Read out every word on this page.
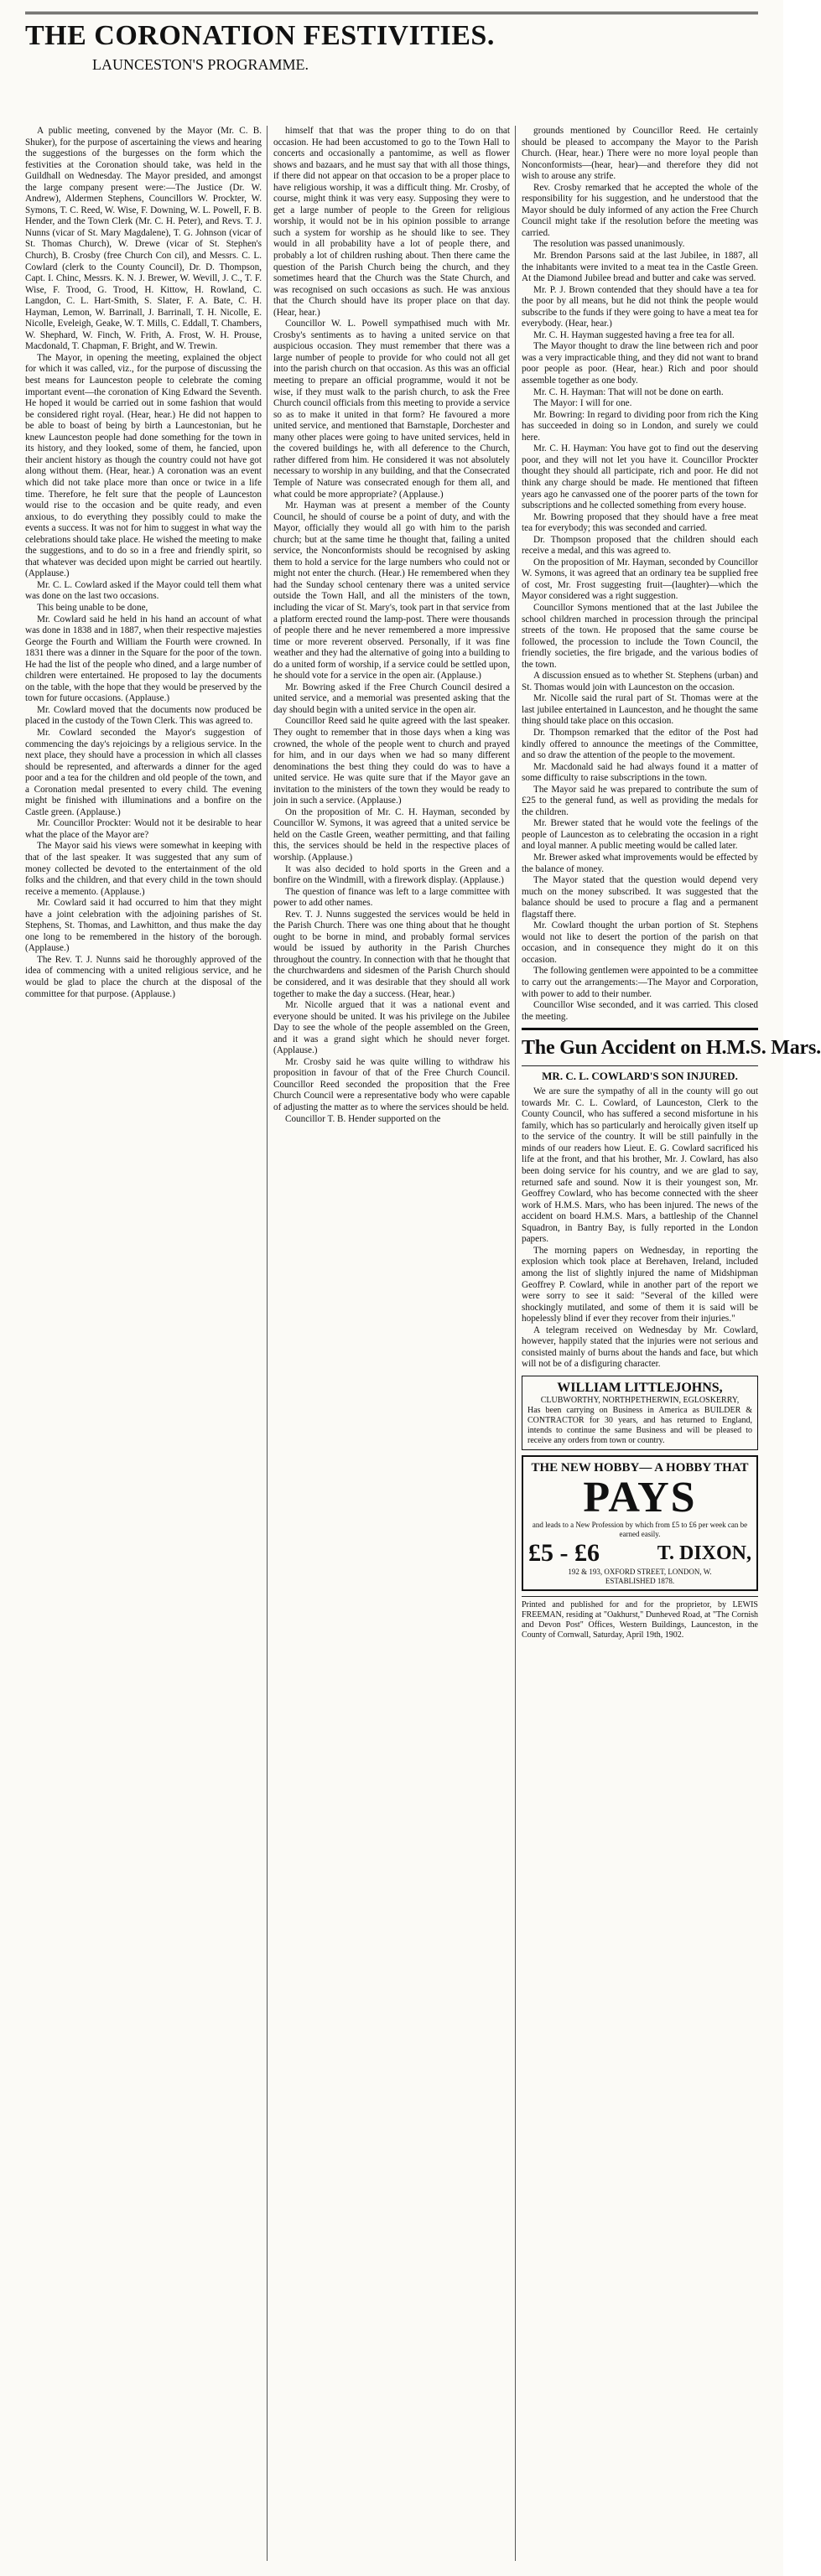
THE CORONATION FESTIVITIES.
LAUNCESTON'S PROGRAMME.

A public meeting, convened by the Mayor (Mr. C. B. Shuker), for the purpose of ascertaining the views and hearing the suggestions of the burgesses on the form which the festivities at the Coronation should take, was held in the Guildhall on Wednesday. The Mayor presided, and amongst the large company present were:—The Justice (Dr. W. Andrew), Aldermen Stephens, Councillors W. Prockter, W. Symons, T. C. Reed, W. Wise, F. Downing, W. L. Powell, F. B. Hender, and the Town Clerk (Mr. C. H. Peter), and Revs. T. J. Nunns (vicar of St. Mary Magdalene), T. G. Johnson (vicar of St. Thomas Church), W. Drewe (vicar of St. Stephen's Church), B. Crosby (free Church Con cil), and Messrs. C. L. Cowlard (clerk to the County Council), Dr. D. Thompson, Capt. I. Chinc, Messrs. K. N. J. Brewer, W. Wevill, J. C., T. F. Wise, F. Trood, G. Trood, H. Kittow, H. Rowland, C. Langdon, C. L. Hart-Smith, S. Slater, F. A. Bate, C. H. Hayman, Lemon, W. Barrinall, J. Barrinall, T. H. Nicolle, E. Nicolle, Eveleigh, Geake, W. T. Mills, C. Eddall, T. Chambers, W. Shephard, W. Finch, W. Frith, A. Frost, W. H. Prouse, Macdonald, T. Chapman, F. Bright, and W. Trewin.

The Mayor, in opening the meeting, explained the object for which it was called, viz., for the purpose of discussing the best means for Launceston people to celebrate the coming important event—the coronation of King Edward the Seventh. He hoped it would be carried out in some fashion that would be considered right royal. (Hear, hear.) He did not happen to be able to boast of being by birth a Launcestonian, but he knew Launceston people had done something for the town in its history, and they looked, some of them, he fancied, upon their ancient history as though the country could not have got along without them. (Hear, hear.) A coronation was an event which did not take place more than once or twice in a life time. Therefore, he felt sure that the people of Launceston would rise to the occasion and be quite ready, and even anxious, to do everything they possibly could to make the events a success. It was not for him to suggest in what way the celebrations should take place. He wished the meeting to make the suggestions, and to do so in a free and friendly spirit, so that whatever was decided upon might be carried out heartily. (Applause.)

Mr. C. L. Cowlard asked if the Mayor could tell them what was done on the last two occasions.

This being unable to be done,

Mr. Cowlard said he held in his hand an account of what was done in 1838 and in 1887, when their respective majesties George the Fourth and William the Fourth were crowned. In 1831 there was a dinner in the Square for the poor of the town. He had the list of the people who dined, and a large number of children were entertained. He proposed to lay the documents on the table, with the hope that they would be preserved by the town for future occasions. (Applause.)

Mr. Cowlard moved that the documents now produced be placed in the custody of the Town Clerk. This was agreed to.

Mr. Cowlard seconded the Mayor's suggestion of commencing the day's rejoicings by a religious service. In the next place, they should have a procession in which all classes should be represented, and afterwards a dinner for the aged poor and a tea for the children and old people of the town, and a Coronation medal presented to every child. The evening might be finished with illuminations and a bonfire on the Castle green. (Applause.)

Mr. Councillor Prockter: Would not it be desirable to hear what the place of the Mayor are?

The Mayor said his views were somewhat in keeping with that of the last speaker. It was suggested that any sum of money collected be devoted to the entertainment of the old folks and the children, and that every child in the town should receive a memento. (Applause.)

Mr. Cowlard said it had occurred to him that they might have a joint celebration with the adjoining parishes of St. Stephens, St. Thomas, and Lawhitton, and thus make the day one long to be remembered in the history of the borough. (Applause.)

The Rev. T. J. Nunns said he thoroughly approved of the idea of commencing with a united religious service, and he would be glad to place the church at the disposal of the committee for that purpose. (Applause.)

himself that that was the proper thing to do on that occasion. He had been accustomed to go to the Town Hall to concerts and occasionally a pantomime, as well as flower shows and bazaars, and he must say that with all those things, if there did not appear on that occasion to be a proper place to have religious worship, it was a difficult thing. Mr. Crosby, of course, might think it was very easy. Supposing they were to get a large number of people to the Green for religious worship, it would not be in his opinion possible to arrange such a system for worship as he should like to see. They would in all probability have a lot of people there, and probably a lot of children rushing about. Then there came the question of the Parish Church being the church, and they sometimes heard that the Church was the State Church, and was recognised on such occasions as such. He was anxious that the Church should have its proper place on that day. (Hear, hear.)

Councillor W. L. Powell sympathised much with Mr. Crosby's sentiments as to having a united service on that auspicious occasion. They must remember that there was a large number of people to provide for who could not all get into the parish church on that occasion. As this was an official meeting to prepare an official programme, would it not be wise, if they must walk to the parish church, to ask the Free Church council officials from this meeting to provide a service so as to make it united in that form? He favoured a more united service, and mentioned that Barnstaple, Dorchester and many other places were going to have united services, held in the covered buildings he, with all deference to the Church, rather differed from him. He considered it was not absolutely necessary to worship in any building, and that the Consecrated Temple of Nature was consecrated enough for them all, and what could be more appropriate? (Applause.)

Mr. Hayman was at present a member of the County Council, he should of course be a point of duty, and with the Mayor, officially they would all go with him to the parish church; but at the same time he thought that, failing a united service, the Nonconformists should be recognised by asking them to hold a service for the large numbers who could not or might not enter the church. (Hear.) He remembered when they had the Sunday school centenary there was a united service outside the Town Hall, and all the ministers of the town, including the vicar of St. Mary's, took part in that service from a platform erected round the lamp-post. There were thousands of people there and he never remembered a more impressive time or more reverent observed. Personally, if it was fine weather and they had the alternative of going into a building to do a united form of worship, if a service could be settled upon, he should vote for a service in the open air. (Applause.)

Mr. Bowring asked if the Free Church Council desired a united service, and a memorial was presented asking that the day should begin with a united service in the open air.

Councillor Reed said he quite agreed with the last speaker. They ought to remember that in those days when a king was crowned, the whole of the people went to church and prayed for him, and in our days when we had so many different denominations the best thing they could do was to have a united service. He was quite sure that if the Mayor gave an invitation to the ministers of the town they would be ready to join in such a service. (Applause.)

On the proposition of Mr. C. H. Hayman, seconded by Councillor W. Symons, it was agreed that a united service be held on the Castle Green, weather permitting, and that failing this, the services should be held in the respective places of worship. (Applause.)

It was also decided to hold sports in the Green and a bonfire on the Windmill, with a firework display. (Applause.)

The question of finance was left to a large committee with power to add other names.

Rev. T. J. Nunns suggested the services would be held in the Parish Church. There was one thing about that he thought ought to be borne in mind, and probably formal services would be issued by authority in the Parish Churches throughout the country. In connection with that he thought that the churchwardens and sidesmen of the Parish Church should be considered, and it was desirable that they should all work together to make the day a success. (Hear, hear.)

Mr. Nicolle argued that it was a national event and everyone should be united. It was his privilege on the Jubilee Day to see the whole of the people assembled on the Green, and it was a grand sight which he should never forget. (Applause.)

Mr. Crosby said he was quite willing to withdraw his proposition in favour of that of the Free Church Council. Councillor Reed seconded the proposition that the Free Church Council were a representative body who were capable of adjusting the matter as to where the services should be held.

Councillor T. B. Hender supported on the

grounds mentioned by Councillor Reed. He certainly should be pleased to accompany the Mayor to the Parish Church. (Hear, hear.) There were no more loyal people than Nonconformists—(hear, hear)—and therefore they did not wish to arouse any strife.

Rev. Crosby remarked that he accepted the whole of the responsibility for his suggestion, and he understood that the Mayor should be duly informed of any action the Free Church Council might take if the resolution before the meeting was carried.

The resolution was passed unanimously.

Mr. Brendon Parsons said at the last Jubilee, in 1887, all the inhabitants were invited to a meat tea in the Castle Green. At the Diamond Jubilee bread and butter and cake was served.

Mr. P. J. Brown contended that they should have a tea for the poor by all means, but he did not think the people would subscribe to the funds if they were going to have a meat tea for everybody. (Hear, hear.)

Mr. C. H. Hayman suggested having a free tea for all.

The Mayor thought to draw the line between rich and poor was a very impracticable thing, and they did not want to brand poor people as poor. (Hear, hear.) Rich and poor should assemble together as one body.

Mr. C. H. Hayman: That will not be done on earth.

The Mayor: I will for one.

Mr. Bowring: In regard to dividing poor from rich the King has succeeded in doing so in London, and surely we could here.

Mr. C. H. Hayman: You have got to find out the deserving poor, and they will not let you have it. Councillor Prockter thought they should all participate, rich and poor. He did not think any charge should be made. He mentioned that fifteen years ago he canvassed one of the poorer parts of the town for subscriptions and he collected something from every house.

Mr. Bowring proposed that they should have a free meat tea for everybody; this was seconded and carried.

Dr. Thompson proposed that the children should each receive a medal, and this was agreed to.

On the proposition of Mr. Hayman, seconded by Councillor W. Symons, it was agreed that an ordinary tea be supplied free of cost, Mr. Frost suggesting fruit—(laughter)—which the Mayor considered was a right suggestion.

Councillor Symons mentioned that at the last Jubilee the school children marched in procession through the principal streets of the town. He proposed that the same course be followed, the procession to include the Town Council, the friendly societies, the fire brigade, and the various bodies of the town.

A discussion ensued as to whether St. Stephens (urban) and St. Thomas would join with Launceston on the occasion.

Mr. Nicolle said the rural part of St. Thomas were at the last jubilee entertained in Launceston, and he thought the same thing should take place on this occasion.

Dr. Thompson remarked that the editor of the Post had kindly offered to announce the meetings of the Committee, and so draw the attention of the people to the movement.

Mr. Macdonald said he had always found it a matter of some difficulty to raise subscriptions in the town.

The Mayor said he was prepared to contribute the sum of £25 to the general fund, as well as providing the medals for the children.

Mr. Brewer stated that he would vote the feelings of the people of Launceston as to celebrating the occasion in a right and loyal manner. A public meeting would be called later.

Mr. Brewer asked what improvements would be effected by the balance of money.

The Mayor stated that the question would depend very much on the money subscribed. It was suggested that the balance should be used to procure a flag and a permanent flagstaff there.

Mr. Cowlard thought the urban portion of St. Stephens would not like to desert the portion of the parish on that occasion, and in consequence they might do it on this occasion.

The following gentlemen were appointed to be a committee to carry out the arrangements:—The Mayor and Corporation, with power to add to their number.

Councillor Wise seconded, and it was carried. This closed the meeting.

The Gun Accident on H.M.S. Mars.
MR. C. L. COWLARD'S SON INJURED.

We are sure the sympathy of all in the county will go out towards Mr. C. L. Cowlard, of Launceston, Clerk to the County Council, who has suffered a second misfortune in his family, which has so particularly and heroically given itself up to the service of the country. It will be still painfully in the minds of our readers how Lieut. E. G. Cowlard sacrificed his life at the front, and that his brother, Mr. J. Cowlard, has also been doing service for his country, and we are glad to say, returned safe and sound. Now it is their youngest son, Mr. Geoffrey Cowlard, who has become connected with the sheer work of H.M.S. Mars, who has been injured. The news of the accident on board H.M.S. Mars, a battleship of the Channel Squadron, in Bantry Bay, is fully reported in the London papers.

The morning papers on Wednesday, in reporting the explosion which took place at Berehaven, Ireland, included among the list of slightly injured the name of Midshipman Geoffrey P. Cowlard, while in another part of the report we were sorry to see it said: "Several of the killed were shockingly mutilated, and some of them it is said will be hopelessly blind if ever they recover from their injuries."

A telegram received on Wednesday by Mr. Cowlard, however, happily stated that the injuries were not serious and consisted mainly of burns about the hands and face, but which will not be of a disfiguring character.

WILLIAM LITTLEJOHNS,
CLUBWORTHY, NORTHPETHERWIN, EGLOSKERRY,
Has been carrying on Business in America as BUILDER & CONTRACTOR for 30 years, and has returned to England, intends to continue the same Business and will be pleased to receive any orders from town or country.
THE NEW HOBBY— A HOBBY THAT
PAYS
and leads to a New Profession by which from £5 to £6 per week can be earned easily.
£5 - £6	T. DIXON,
192 & 193, OXFORD STREET, LONDON, W.
ESTABLISHED 1878.
Printed and published for and for the proprietor, by LEWIS FREEMAN, residing at "Oakhurst," Dunheved Road, at "The Cornish and Devon Post" Offices, Western Buildings, Launceston, in the County of Cornwall, Saturday, April 19th, 1902.
